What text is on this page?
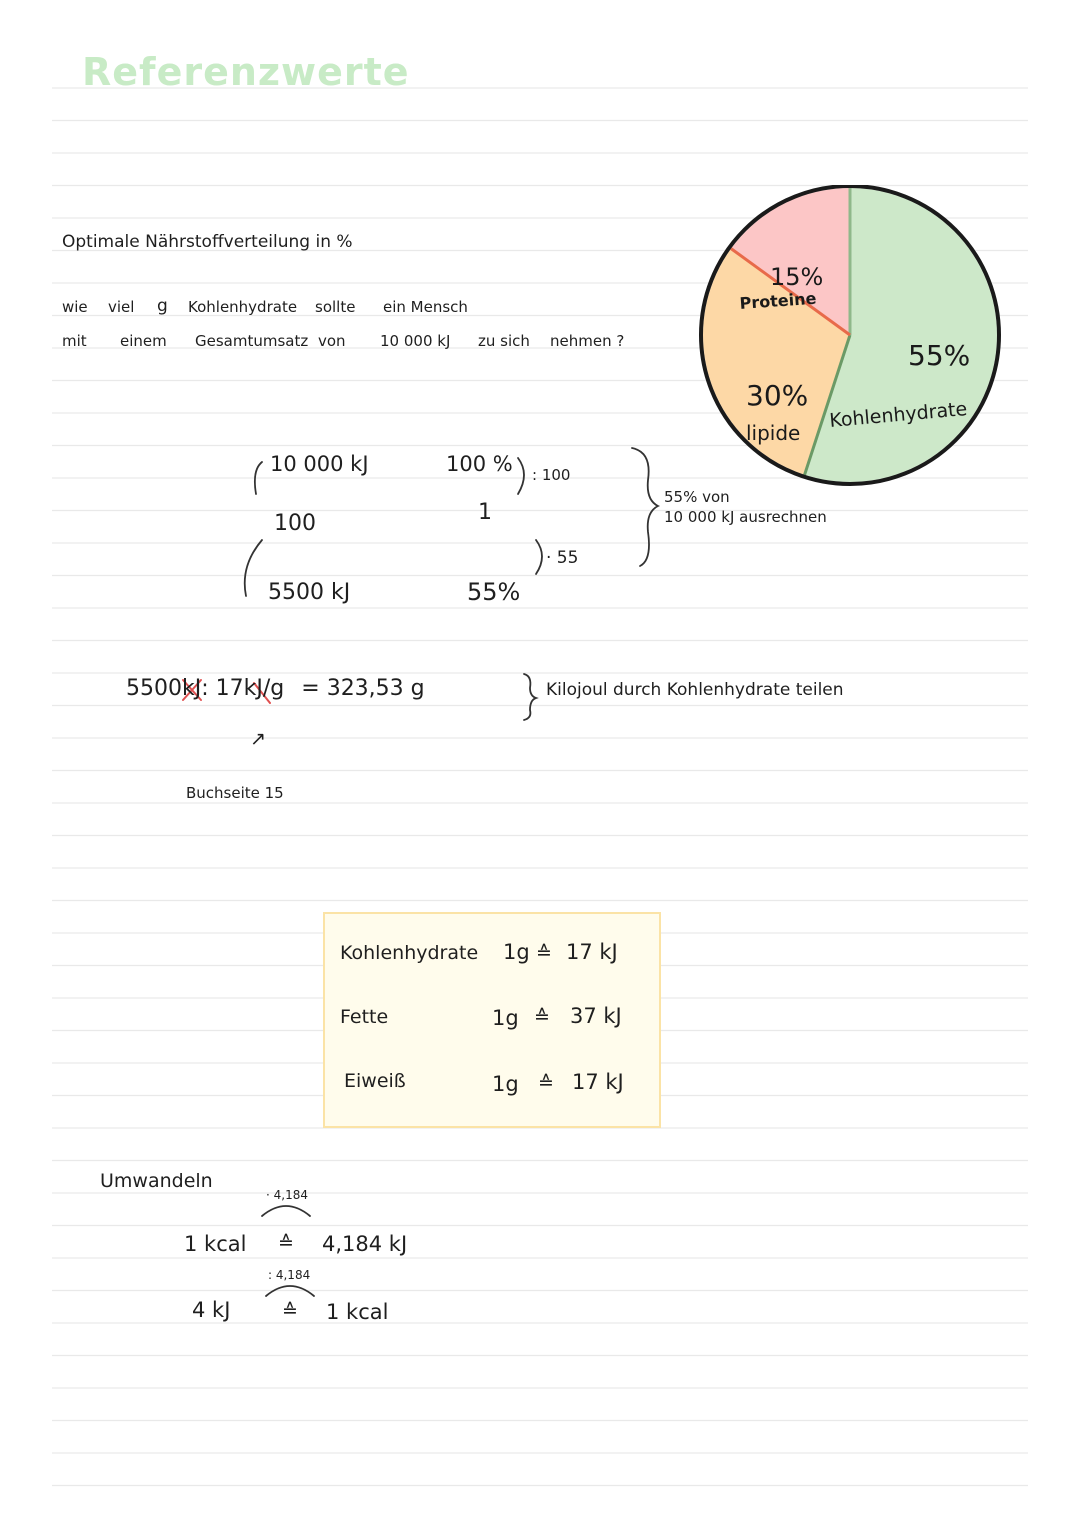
Referenzwerte
Optimale Nährstoffverteilung in %
wie viel g Kohlenhydrate sollte ein Mensch
mit einem Gesamtumsatz von 10 000 kJ zu sich nehmen ?	55%
Kohlenhydrate
30%
lipide
15%
Proteine
10 000 kJ	100 % : 100
100	1
· 55
5500 kJ	55%
55% von
10 000 kJ ausrechnen
5500kJ: 17kJ/g = 323,53 g	Kilojoul durch Kohlenhydrate teilen
↗
Buchseite 15
Kohlenhydrate 1g ≙ 17 kJ
Fette	1g ≙ 37 kJ
Eiweiß	1g ≙ 17 kJ
Umwandeln
· 4,184
1 kcal ≙ 4,184 kJ
: 4,184
4 kJ	≙ 1 kcal
